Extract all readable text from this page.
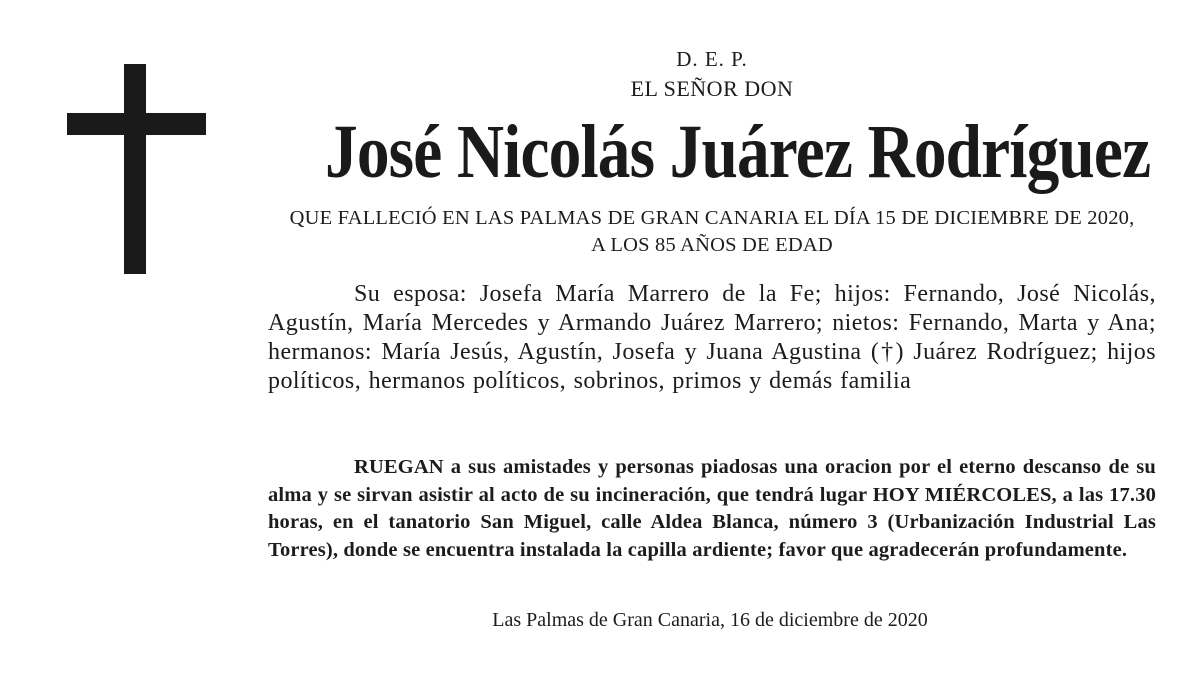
D. E. P.
EL SEÑOR DON
José Nicolás Juárez Rodríguez
QUE FALLECIÓ EN LAS PALMAS DE GRAN CANARIA EL DÍA 15 DE DICIEMBRE DE 2020,
A LOS 85 AÑOS DE EDAD
Su esposa: Josefa María Marrero de la Fe; hijos: Fernando, José Nicolás, Agustín, María Mercedes y Armando Juárez Marrero; nietos: Fernando, Marta y Ana; hermanos: María Jesús, Agustín, Josefa y Juana Agustina (†) Juárez Rodríguez; hijos políticos, hermanos políticos, sobrinos, primos y demás familia
RUEGAN a sus amistades y personas piadosas una oracion por el eterno descanso de su alma y se sirvan asistir al acto de su incineración, que tendrá lugar HOY MIÉRCOLES, a las 17.30 horas, en el tanatorio San Miguel, calle Aldea Blanca, número 3 (Urbanización Industrial Las Torres), donde se encuentra instalada la capilla ardiente; favor que agradecerán profundamente.
Las Palmas de Gran Canaria, 16 de diciembre de 2020
